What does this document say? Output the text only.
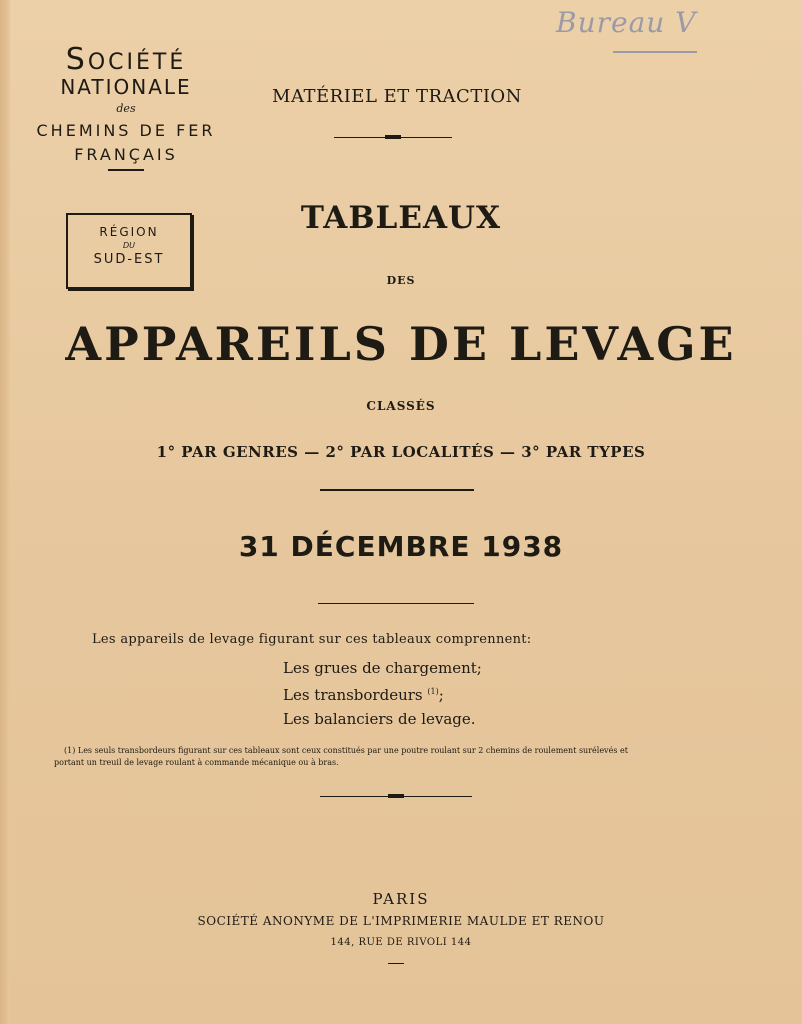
Bureau V
SOCIÉTÉ
NATIONALE
des
CHEMINS DE FER
FRANÇAIS
RÉGION
DU
SUD-EST
MATÉRIEL ET TRACTION
TABLEAUX
DES
APPAREILS DE LEVAGE
CLASSÉS
1° PAR GENRES — 2° PAR LOCALITÉS — 3° PAR TYPES
31 DÉCEMBRE 1938
Les appareils de levage figurant sur ces tableaux comprennent:
Les grues de chargement;
Les transbordeurs $^{(1)}$;
Les balanciers de levage.
(1) Les seuls transbordeurs figurant sur ces tableaux sont ceux constitués par une poutre roulant sur 2 chemins de roulement surélevés et
portant un treuil de levage roulant à commande mécanique ou à bras.
PARIS
SOCIÉTÉ ANONYME DE L'IMPRIMERIE MAULDE ET RENOU
144, RUE DE RIVOLI 144
